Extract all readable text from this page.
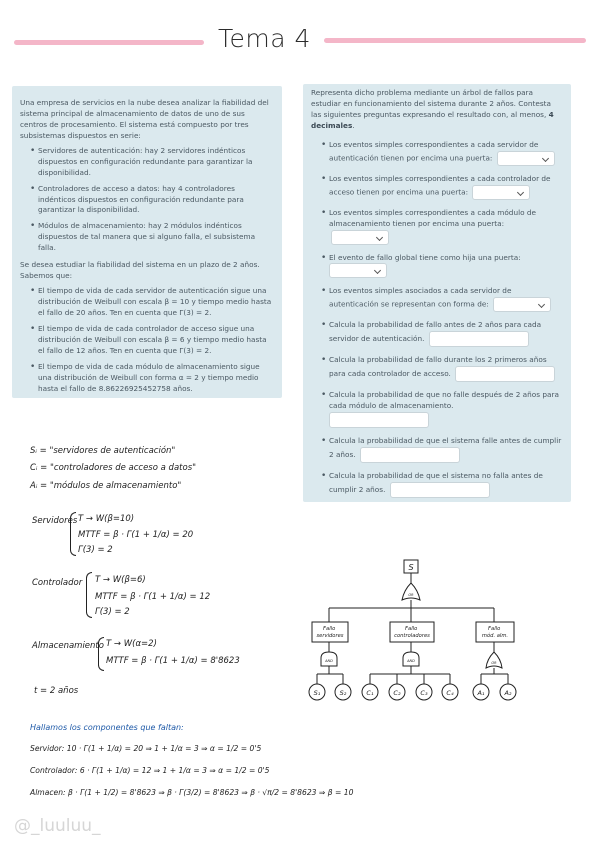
Tema 4

Una empresa de servicios en la nube desea analizar la fiabilidad del sistema principal de almacenamiento de datos de uno de sus centros de procesamiento. El sistema está compuesto por tres subsistemas dispuestos en serie:

• Servidores de autenticación: hay 2 servidores indénticos dispuestos en configuración redundante para garantizar la disponibilidad.
• Controladores de acceso a datos: hay 4 controladores indénticos dispuestos en configuración redundante para garantizar la disponibilidad.
• Módulos de almacenamiento: hay 2 módulos indénticos dispuestos de tal manera que si alguno falla, el subsistema falla.

Se desea estudiar la fiabilidad del sistema en un plazo de 2 años. Sabemos que:

• El tiempo de vida de cada servidor de autenticación sigue una distribución de Weibull con escala β = 10 y tiempo medio hasta el fallo de 20 años. Ten en cuenta que Γ(3) = 2.
• El tiempo de vida de cada controlador de acceso sigue una distribución de Weibull con escala β = 6 y tiempo medio hasta el fallo de 12 años. Ten en cuenta que Γ(3) = 2.
• El tiempo de vida de cada módulo de almacenamiento sigue una distribución de Weibull con forma α = 2 y tiempo medio hasta el fallo de 8.86226925452758 años.

Representa dicho problema mediante un árbol de fallos para estudiar en funcionamiento del sistema durante 2 años. Contesta las siguientes preguntas expresando el resultado con, al menos, 4 decimales.

• Los eventos simples correspondientes a cada servidor de autenticación tienen por encima una puerta:
• Los eventos simples correspondientes a cada controlador de acceso tienen por encima una puerta:
• Los eventos simples correspondientes a cada módulo de almacenamiento tienen por encima una puerta:
• El evento de fallo global tiene como hija una puerta:

• Los eventos simples asociados a cada servidor de autenticación se representan con forma de:
• Calcula la probabilidad de fallo antes de 2 años para cada servidor de autenticación.
• Calcula la probabilidad de fallo durante los 2 primeros años para cada controlador de acceso.
• Calcula la probabilidad de que no falle después de 2 años para cada módulo de almacenamiento.

• Calcula la probabilidad de que el sistema falle antes de cumplir 2 años.
• Calcula la probabilidad de que el sistema no falla antes de cumplir 2 años.
Sᵢ = "servidores de autenticación"
Cᵢ = "controladores de acceso a datos"
Aᵢ = "módulos de almacenamiento"
Servidores T → W(β=10)
MTTF = β · Γ(1 + 1/α) = 20
Γ(3) = 2
Controlador T → W(β=6)
MTTF = β · Γ(1 + 1/α) = 12
Γ(3) = 2
Almacenamiento T → W(α=2)
MTTF = β · Γ(1 + 1/α) = 8'8623
t = 2 años
Hallamos los componentes que faltan:
Servidor: 10 · Γ(1 + 1/α) = 20 ⇒ 1 + 1/α = 3 ⇒ α = 1/2 = 0'5
Controlador: 6 · Γ(1 + 1/α) = 12 ⇒ 1 + 1/α = 3 ⇒ α = 1/2 = 0'5
Almacen: β · Γ(1 + 1/2) = 8'8623 ⇒ β · Γ(3/2) = 8'8623 ⇒ β · √π/2 = 8'8623 ⇒ β = 10
S
OR
Fallo servidores
Fallo controladores
Fallo mód. alm.
AND	AND	OR
S₁	S₂	C₁	C₂	C₃	C₄	A₁	A₂
@_luuluu_
